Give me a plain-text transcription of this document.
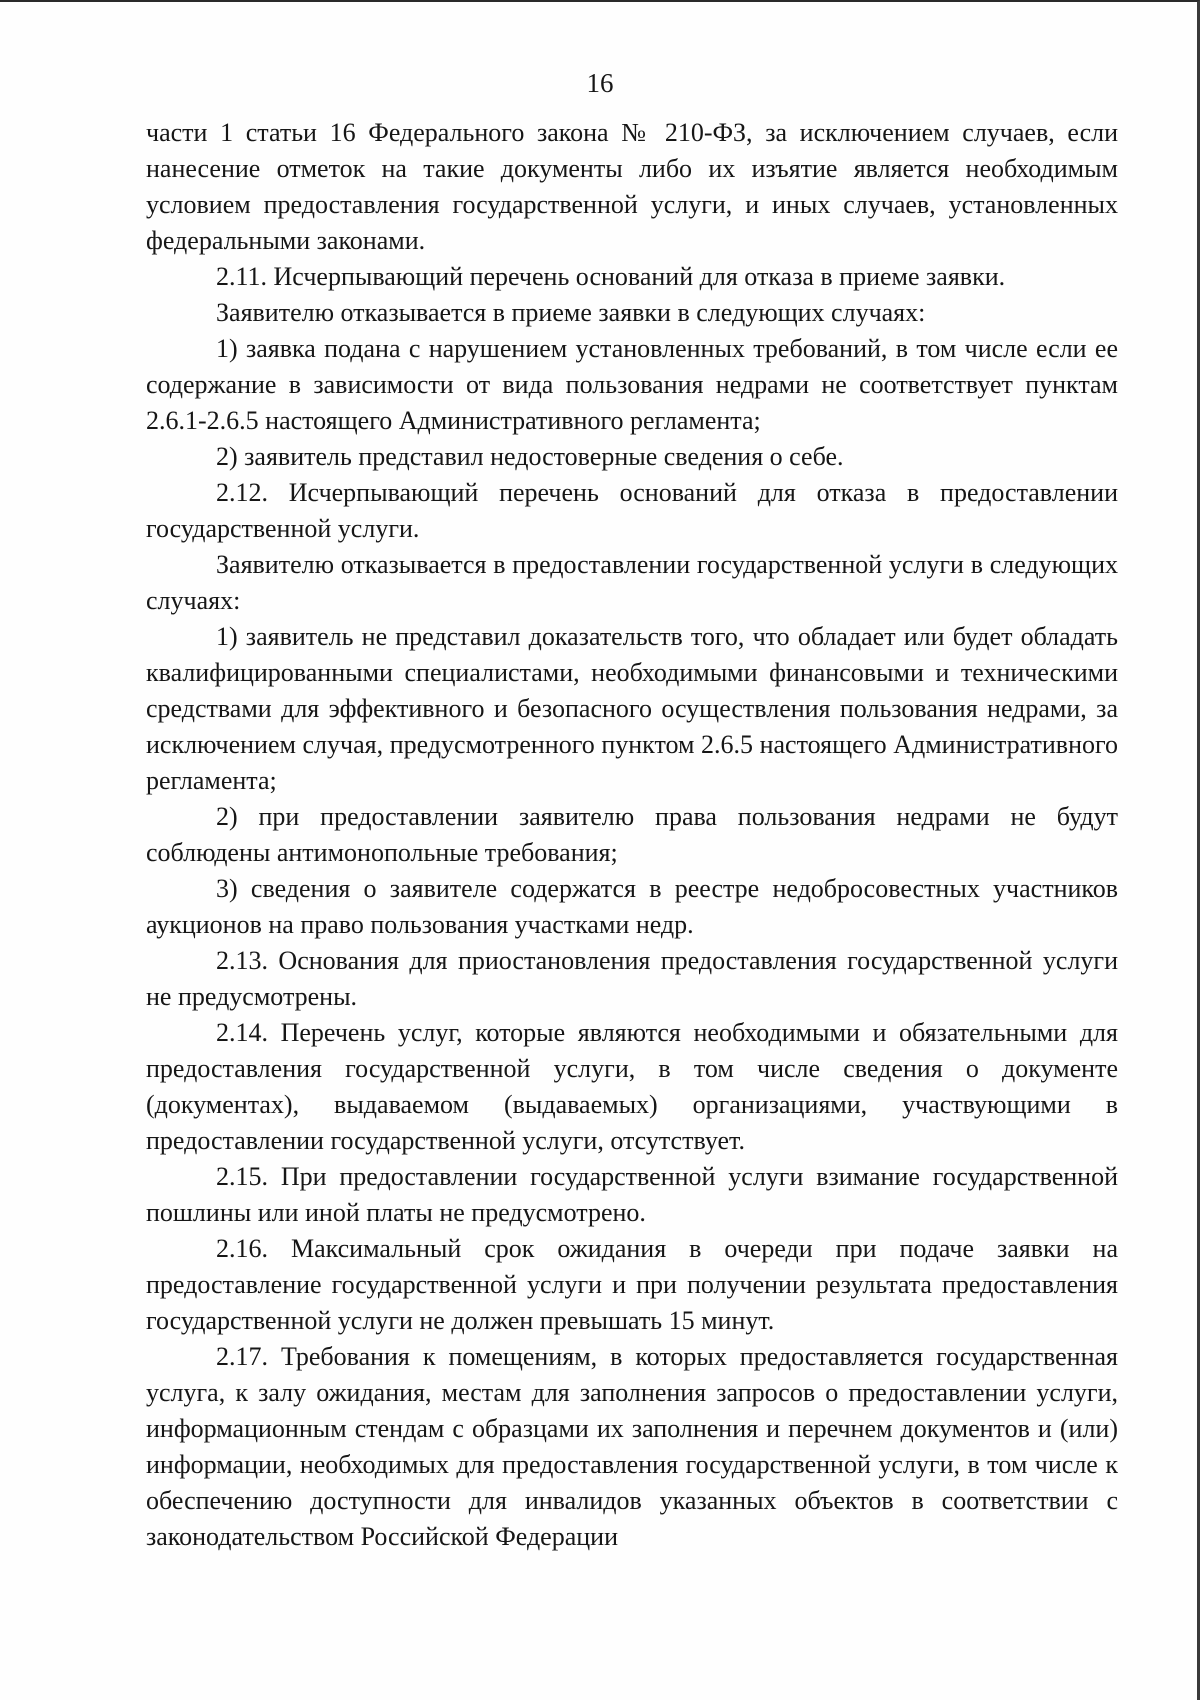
16

части 1 статьи 16 Федерального закона № 210-ФЗ, за исключением случаев, если нанесение отметок на такие документы либо их изъятие является необходимым условием предоставления государственной услуги, и иных случаев, установленных федеральными законами.

2.11. Исчерпывающий перечень оснований для отказа в приеме заявки.

Заявителю отказывается в приеме заявки в следующих случаях:

1) заявка подана с нарушением установленных требований, в том числе если ее содержание в зависимости от вида пользования недрами не соответствует пунктам 2.6.1-2.6.5 настоящего Административного регламента;

2) заявитель представил недостоверные сведения о себе.

2.12. Исчерпывающий перечень оснований для отказа в предоставлении государственной услуги.

Заявителю отказывается в предоставлении государственной услуги в следующих случаях:

1) заявитель не представил доказательств того, что обладает или будет обладать квалифицированными специалистами, необходимыми финансовыми и техническими средствами для эффективного и безопасного осуществления пользования недрами, за исключением случая, предусмотренного пунктом 2.6.5 настоящего Административного регламента;

2) при предоставлении заявителю права пользования недрами не будут соблюдены антимонопольные требования;

3) сведения о заявителе содержатся в реестре недобросовестных участников аукционов на право пользования участками недр.

2.13. Основания для приостановления предоставления государственной услуги не предусмотрены.

2.14. Перечень услуг, которые являются необходимыми и обязательными для предоставления государственной услуги, в том числе сведения о документе (документах), выдаваемом (выдаваемых) организациями, участвующими в предоставлении государственной услуги, отсутствует.

2.15. При предоставлении государственной услуги взимание государственной пошлины или иной платы не предусмотрено.

2.16. Максимальный срок ожидания в очереди при подаче заявки на предоставление государственной услуги и при получении результата предоставления государственной услуги не должен превышать 15 минут.

2.17. Требования к помещениям, в которых предоставляется государственная услуга, к залу ожидания, местам для заполнения запросов о предоставлении услуги, информационным стендам с образцами их заполнения и перечнем документов и (или) информации, необходимых для предоставления государственной услуги, в том числе к обеспечению доступности для инвалидов указанных объектов в соответствии с законодательством Российской Федерации
